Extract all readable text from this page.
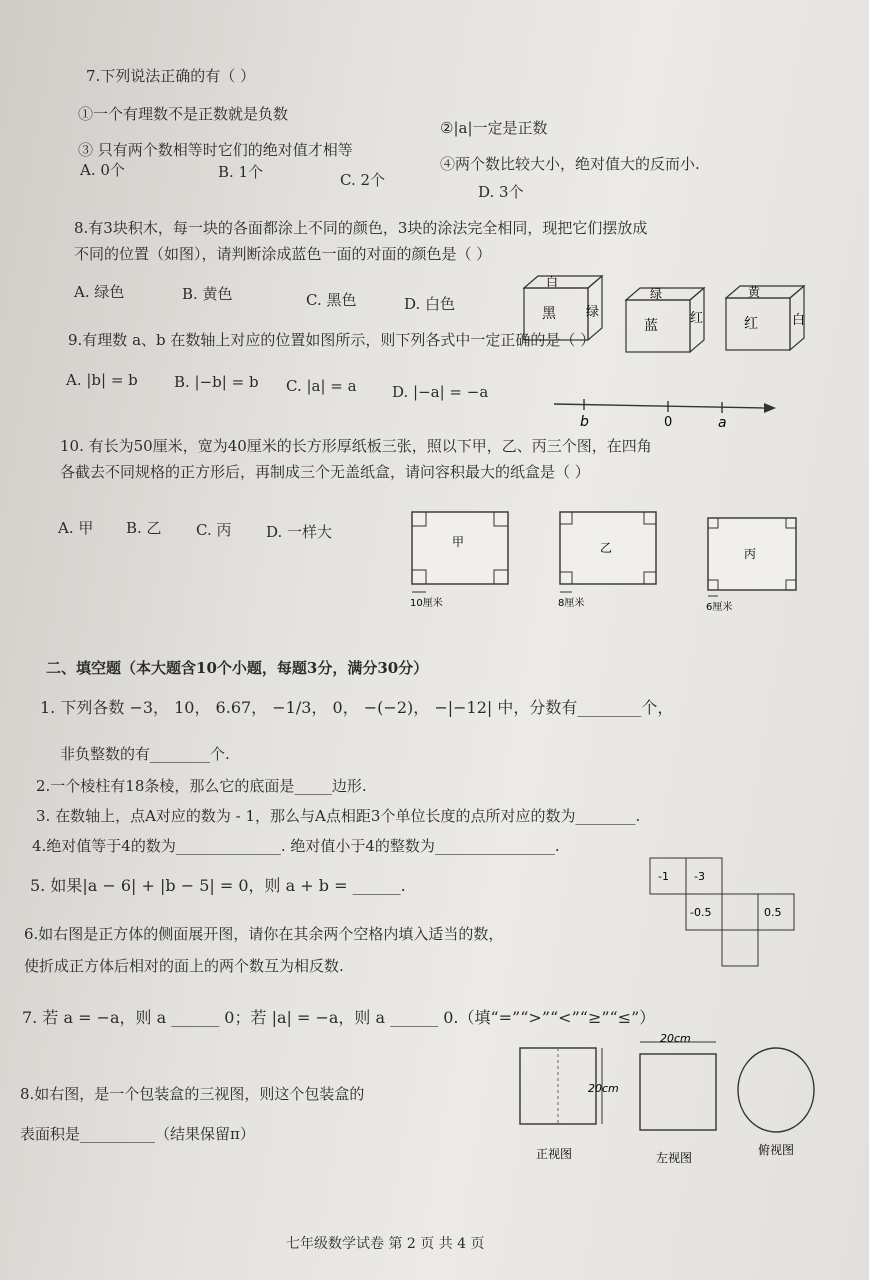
7.下列说法正确的有（ ）
①一个有理数不是正数就是负数
②|a|一定是正数
③ 只有两个数相等时它们的绝对值才相等
④两个数比较大小，绝对值大的反而小.
A. 0个	B. 1个	C. 2个
D. 3个
8.有3块积木，每一块的各面都涂上不同的颜色，3块的涂法完全相同，现把它们摆放成
不同的位置（如图），请判断涂成蓝色一面的对面的颜色是（ ）
A. 绿色	B. 黄色	C. 黑色	D. 白色
白
黑 绿
绿
蓝 红
黄
红	白
9.有理数 a、b 在数轴上对应的位置如图所示，则下列各式中一定正确的是（ ）
A. |b| = b B. |−b| = b C. |a| = a D. |−a| = −a
b	0	a
10. 有长为50厘米，宽为40厘米的长方形厚纸板三张，照以下甲，乙、丙三个图，在四角
各截去不同规格的正方形后，再制成三个无盖纸盒，请问容积最大的纸盒是（ ）
A. 甲 B. 乙 C. 丙 D. 一样大
甲
10厘米
乙
8厘米
丙
6厘米
二、填空题（本大题含10个小题，每题3分，满分30分）
1. 下列各数 −3， 10， 6.67， −1/3， 0， −(−2)， −|−12| 中，分数有________个，
非负整数的有________个.
2.一个棱柱有18条棱，那么它的底面是_____边形.
3. 在数轴上，点A对应的数为 - 1，那么与A点相距3个单位长度的点所对应的数为________.
4.绝对值等于4的数为______________. 绝对值小于4的整数为________________.
5. 如果|a − 6| + |b − 5| = 0，则 a + b = ______.	-1 -3
-0.5	0.5
6.如右图是正方体的侧面展开图，请你在其余两个空格内填入适当的数，
使折成正方体后相对的面上的两个数互为相反数.
7. 若 a = −a，则 a ______ 0；若 |a| = −a，则 a ______ 0.（填“=”“>”“<”“≥”“≤”）
20cm
20cm
正视图	左视图
俯视图
8.如右图，是一个包装盒的三视图，则这个包装盒的
表面积是__________（结果保留π）
七年级数学试卷 第 2 页 共 4 页
